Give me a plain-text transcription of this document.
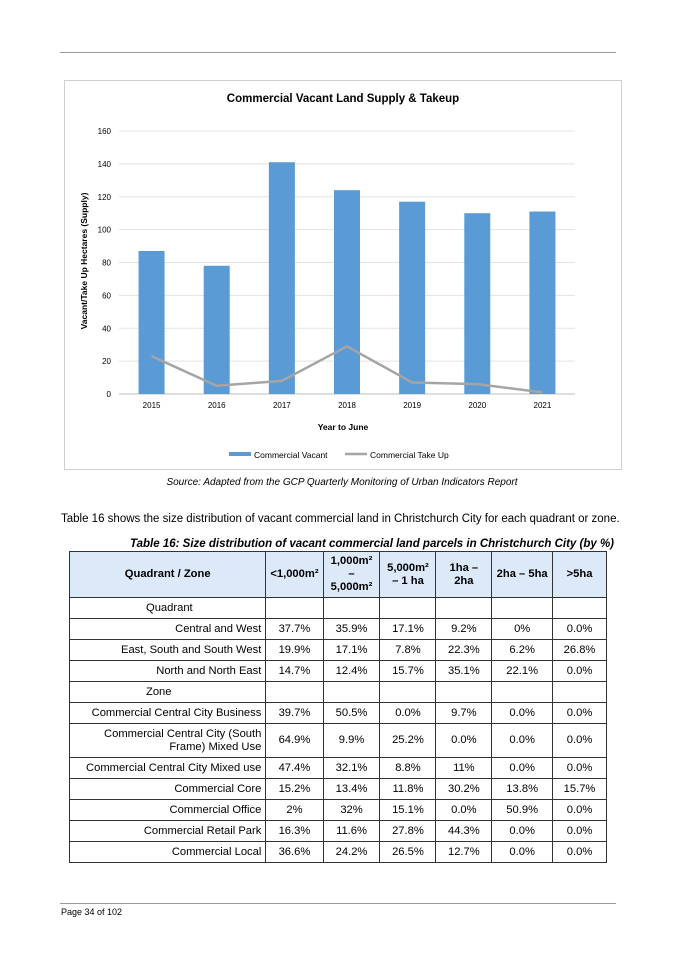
Commercial Vacant Land Supply & Takeup
Vacant/Take Up Hectares (Supply)
Year to June
0
20
40
60
80
100
120
140
160
2015	2016	2017	2018	2019	2020	2021
Commercial Vacant	Commercial Take Up
Source: Adapted from the GCP Quarterly Monitoring of Urban Indicators Report
Table 16 shows the size distribution of vacant commercial land in Christchurch City for each quadrant or zone.
Table 16: Size distribution of vacant commercial land parcels in Christchurch City (by %)
Quadrant / Zone	<1,000m²	1,000m² – 5,000m²	5,000m² – 1 ha	1ha – 2ha	2ha – 5ha	>5ha
Quadrant						
Central and West	37.7%	35.9%	17.1%	9.2%	0%	0.0%
East, South and South West	19.9%	17.1%	7.8%	22.3%	6.2%	26.8%
North and North East	14.7%	12.4%	15.7%	35.1%	22.1%	0.0%
Zone						
Commercial Central City Business	39.7%	50.5%	0.0%	9.7%	0.0%	0.0%
Commercial Central City (South Frame) Mixed Use	64.9%	9.9%	25.2%	0.0%	0.0%	0.0%
Commercial Central City Mixed use	47.4%	32.1%	8.8%	11%	0.0%	0.0%
Commercial Core	15.2%	13.4%	11.8%	30.2%	13.8%	15.7%
Commercial Office	2%	32%	15.1%	0.0%	50.9%	0.0%
Commercial Retail Park	16.3%	11.6%	27.8%	44.3%	0.0%	0.0%
Commercial Local	36.6%	24.2%	26.5%	12.7%	0.0%	0.0%
Page 34 of 102
